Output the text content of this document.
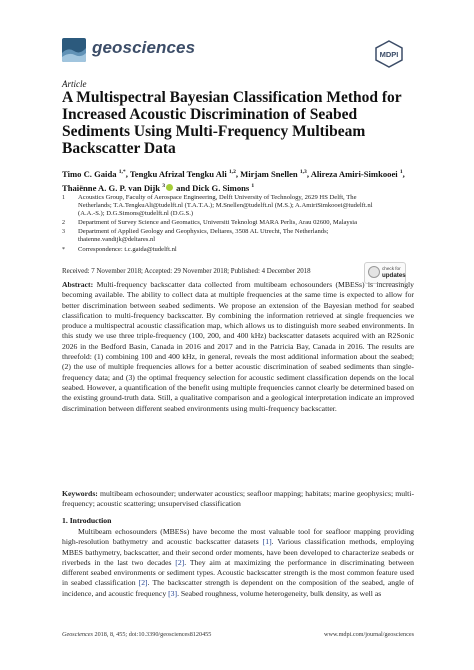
geosciences	MDPI
Article
A Multispectral Bayesian Classification Method for Increased Acoustic Discrimination of Seabed Sediments Using Multi-Frequency Multibeam Backscatter Data
Timo C. Gaida $^{1,*}$, Tengku Afrizal Tengku Ali $^{1,2}$, Mirjam Snellen $^{1,3}$, Alireza Amiri-Simkooei $^1$, Thaiënne A. G. P. van Dijk $^3$ and Dick G. Simons $^1$
1 Acoustics Group, Faculty of Aerospace Engineering, Delft University of Technology, 2629 HS Delft, The Netherlands; T.A.TengkuAli@tudelft.nl (T.A.T.A.); M.Snellen@tudelft.nl (M.S.); A.AmiriSimkooei@tudelft.nl (A.A.-S.); D.G.Simons@tudelft.nl (D.G.S.)
2 Department of Survey Science and Geomatics, Universiti Teknologi MARA Perlis, Arau 02600, Malaysia
3 Department of Applied Geology and Geophysics, Deltares, 3508 AL Utrecht, The Netherlands; thaienne.vandijk@deltares.nl
* Correspondence: t.c.gaida@tudelft.nl
Received: 7 November 2018; Accepted: 29 November 2018; Published: 4 December 2018	check for
updates
Abstract: Multi-frequency backscatter data collected from multibeam echosounders (MBESs) is increasingly becoming available. The ability to collect data at multiple frequencies at the same time is expected to allow for better discrimination between seabed sediments. We propose an extension of the Bayesian method for seabed classification to multi-frequency backscatter. By combining the information retrieved at single frequencies we produce a multispectral acoustic classification map, which allows us to distinguish more seabed environments. In this study we use three triple-frequency (100, 200, and 400 kHz) backscatter datasets acquired with an R2Sonic 2026 in the Bedford Basin, Canada in 2016 and 2017 and in the Patricia Bay, Canada in 2016. The results are threefold: (1) combining 100 and 400 kHz, in general, reveals the most additional information about the seabed; (2) the use of multiple frequencies allows for a better acoustic discrimination of seabed sediments than single-frequency data; and (3) the optimal frequency selection for acoustic sediment classification depends on the local seabed. However, a quantification of the benefit using multiple frequencies cannot clearly be determined based on the existing ground-truth data. Still, a qualitative comparison and a geological interpretation indicate an improved discrimination between different seabed environments using multi-frequency backscatter.
Keywords: multibeam echosounder; underwater acoustics; seafloor mapping; habitats; marine geophysics; multi-frequency; acoustic scattering; unsupervised classification
1. Introduction
Multibeam echosounders (MBESs) have become the most valuable tool for seafloor mapping providing high-resolution bathymetry and acoustic backscatter datasets [1]. Various classification methods, employing MBES bathymetry, backscatter, and their second order moments, have been developed to characterize seabeds or riverbeds in the last two decades [2]. They aim at maximizing the performance in discriminating between different seabed environments or sediment types. Acoustic backscatter strength is the most common feature used in seabed classification [2]. The backscatter strength is dependent on the composition of the seabed, angle of incidence, and acoustic frequency [3]. Seabed roughness, volume heterogeneity, bulk density, as well as
Geosciences 2018, 8, 455; doi:10.3390/geosciences8120455	www.mdpi.com/journal/geosciences
